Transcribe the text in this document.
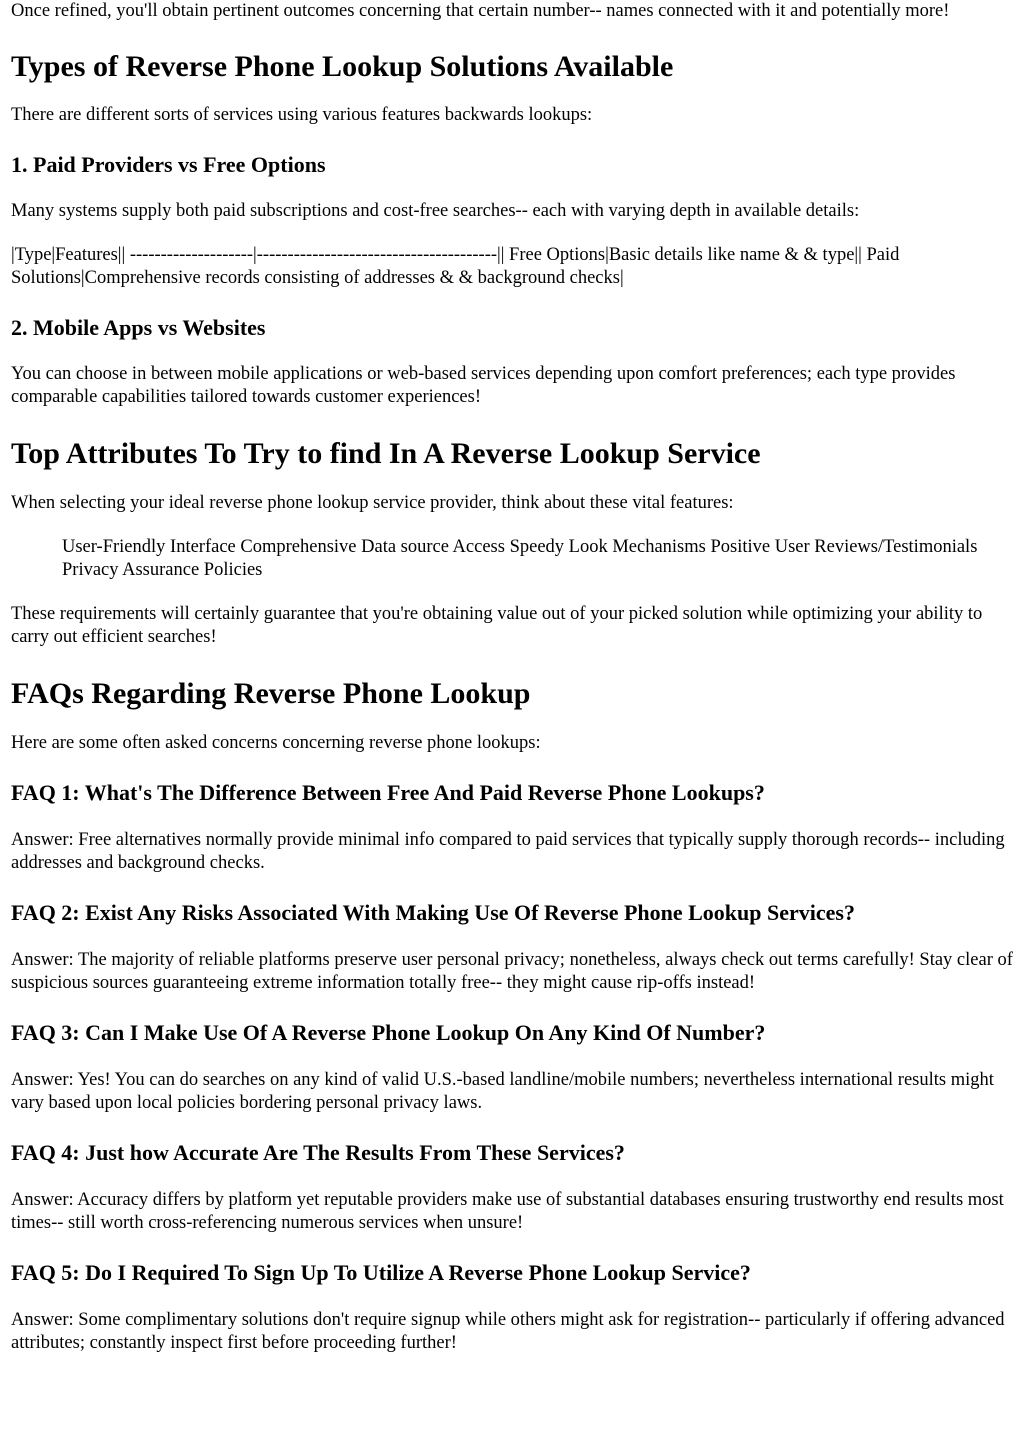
Once refined, you'll obtain pertinent outcomes concerning that certain number-- names connected with it and potentially more!

Types of Reverse Phone Lookup Solutions Available

There are different sorts of services using various features backwards lookups:

1. Paid Providers vs Free Options

Many systems supply both paid subscriptions and cost-free searches-- each with varying depth in available details:

|Type|Features|| --------------------|---------------------------------------|| Free Options|Basic details like name & & type|| Paid Solutions|Comprehensive records consisting of addresses & & background checks|

2. Mobile Apps vs Websites

You can choose in between mobile applications or web-based services depending upon comfort preferences; each type provides comparable capabilities tailored towards customer experiences!

Top Attributes To Try to find In A Reverse Lookup Service

When selecting your ideal reverse phone lookup service provider, think about these vital features:

User-Friendly Interface Comprehensive Data source Access Speedy Look Mechanisms Positive User Reviews/Testimonials Privacy Assurance Policies

These requirements will certainly guarantee that you're obtaining value out of your picked solution while optimizing your ability to carry out efficient searches!

FAQs Regarding Reverse Phone Lookup

Here are some often asked concerns concerning reverse phone lookups:

FAQ 1: What's The Difference Between Free And Paid Reverse Phone Lookups?

Answer: Free alternatives normally provide minimal info compared to paid services that typically supply thorough records-- including addresses and background checks.

FAQ 2: Exist Any Risks Associated With Making Use Of Reverse Phone Lookup Services?

Answer: The majority of reliable platforms preserve user personal privacy; nonetheless, always check out terms carefully! Stay clear of suspicious sources guaranteeing extreme information totally free-- they might cause rip-offs instead!

FAQ 3: Can I Make Use Of A Reverse Phone Lookup On Any Kind Of Number?

Answer: Yes! You can do searches on any kind of valid U.S.-based landline/mobile numbers; nevertheless international results might vary based upon local policies bordering personal privacy laws.

FAQ 4: Just how Accurate Are The Results From These Services?

Answer: Accuracy differs by platform yet reputable providers make use of substantial databases ensuring trustworthy end results most times-- still worth cross-referencing numerous services when unsure!

FAQ 5: Do I Required To Sign Up To Utilize A Reverse Phone Lookup Service?

Answer: Some complimentary solutions don't require signup while others might ask for registration-- particularly if offering advanced attributes; constantly inspect first before proceeding further!
